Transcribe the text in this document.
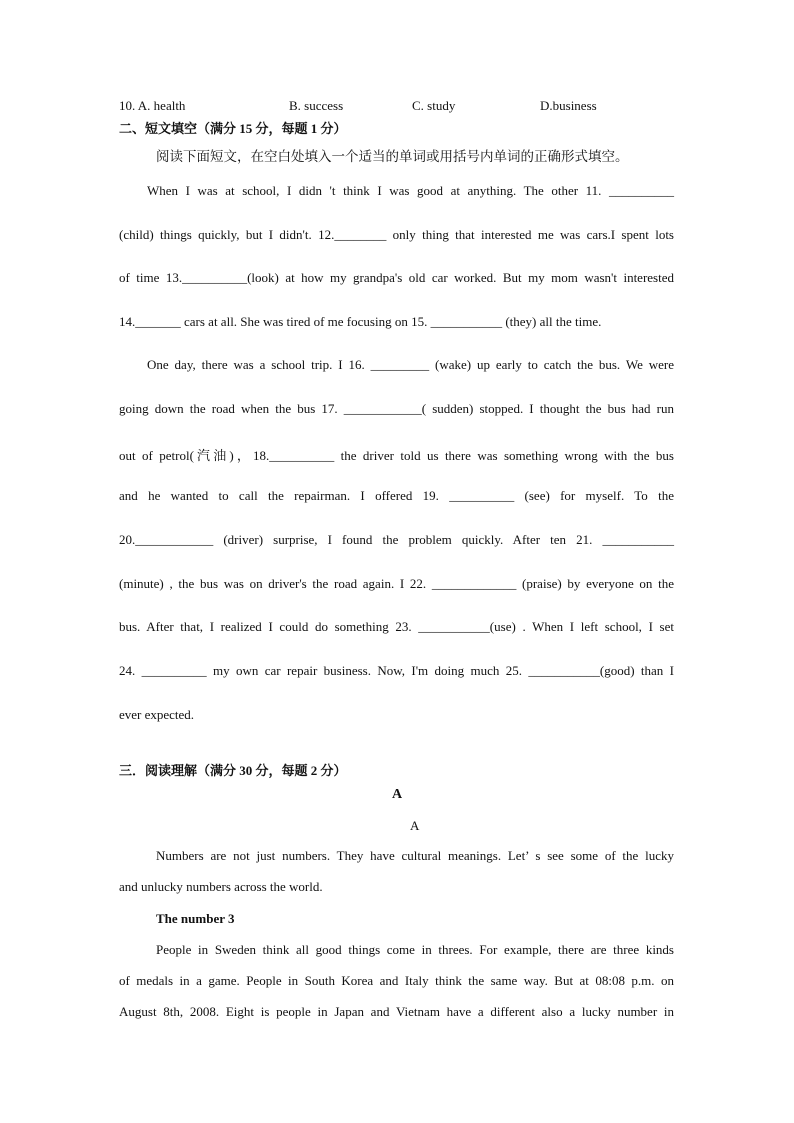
10. A. health	B. success	C. study	D.business
二、短文填空（满分 15 分，每题 1 分）
阅读下面短文，在空白处填入一个适当的单词或用括号内单词的正确形式填空。
When I was at school, I didn 't think I was good at anything. The other 11. __________
(child) things quickly, but I didn't. 12.________ only thing that interested me was cars.I spent lots
of time 13.__________(look) at how my grandpa's old car worked. But my mom wasn't interested
14._______ cars at all. She was tired of me focusing on 15. ___________ (they) all the time.
One day, there was a school trip. I 16. _________ (wake) up early to catch the bus. We were
going down the road when the bus 17. ____________( sudden) stopped. I thought the bus had run
out of petrol(汽油)，18.__________ the driver told us there was something wrong with the bus
and he wanted to call the repairman. I offered 19. __________ (see) for myself. To the
20.____________ (driver) surprise, I found the problem quickly. After ten 21. ___________
(minute) , the bus was on driver's the road again. I 22. _____________ (praise) by everyone on the
bus. After that, I realized I could do something 23. ___________(use) . When I left school, I set
24. __________ my own car repair business. Now, I'm doing much 25. ___________(good) than I
ever expected.
三．阅读理解（满分 30 分，每题 2 分）
A
A
Numbers are not just numbers. They have cultural meanings. Let’ s see some of the lucky
and unlucky numbers across the world.
The number 3
People in Sweden think all good things come in threes. For example, there are three kinds
of medals in a game. People in South Korea and Italy think the same way. But at 08:08 p.m. on
August 8th, 2008. Eight is people in Japan and Vietnam have a different also a lucky number in
